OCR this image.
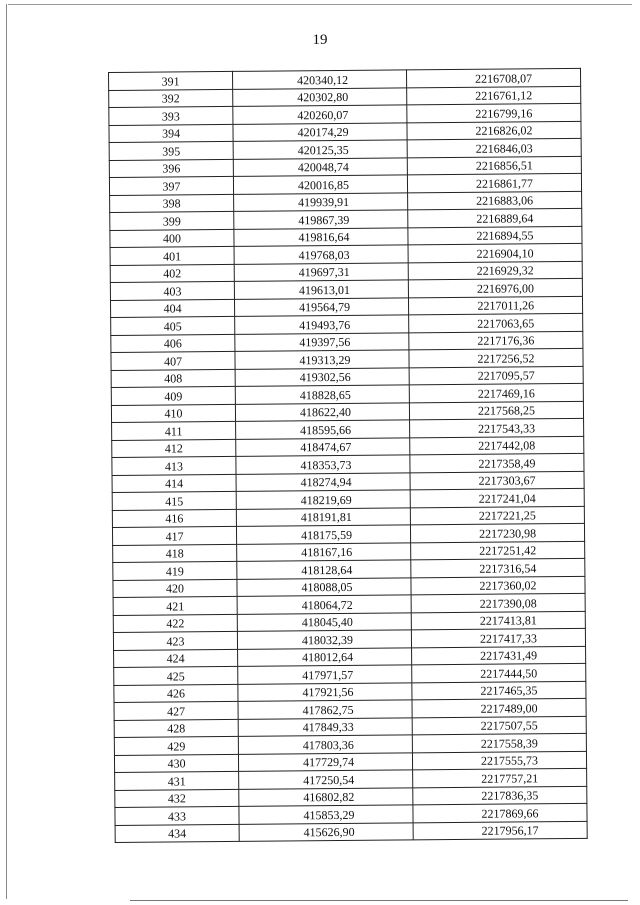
19
391	420340,12	2216708,07
392	420302,80	2216761,12
393	420260,07	2216799,16
394	420174,29	2216826,02
395	420125,35	2216846,03
396	420048,74	2216856,51
397	420016,85	2216861,77
398	419939,91	2216883,06
399	419867,39	2216889,64
400	419816,64	2216894,55
401	419768,03	2216904,10
402	419697,31	2216929,32
403	419613,01	2216976,00
404	419564,79	2217011,26
405	419493,76	2217063,65
406	419397,56	2217176,36
407	419313,29	2217256,52
408	419302,56	2217095,57
409	418828,65	2217469,16
410	418622,40	2217568,25
411	418595,66	2217543,33
412	418474,67	2217442,08
413	418353,73	2217358,49
414	418274,94	2217303,67
415	418219,69	2217241,04
416	418191,81	2217221,25
417	418175,59	2217230,98
418	418167,16	2217251,42
419	418128,64	2217316,54
420	418088,05	2217360,02
421	418064,72	2217390,08
422	418045,40	2217413,81
423	418032,39	2217417,33
424	418012,64	2217431,49
425	417971,57	2217444,50
426	417921,56	2217465,35
427	417862,75	2217489,00
428	417849,33	2217507,55
429	417803,36	2217558,39
430	417729,74	2217555,73
431	417250,54	2217757,21
432	416802,82	2217836,35
433	415853,29	2217869,66
434	415626,90	2217956,17
